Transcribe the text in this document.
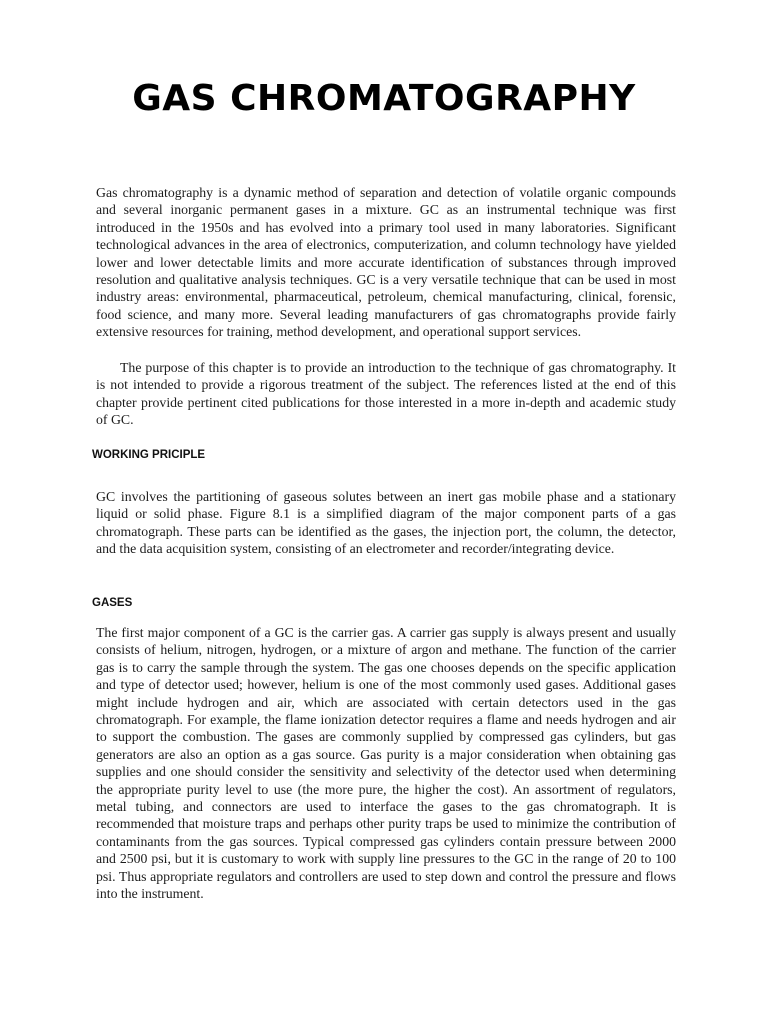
GAS CHROMATOGRAPHY

Gas chromatography is a dynamic method of separation and detection of volatile organic compounds and several inorganic permanent gases in a mixture. GC as an instrumental technique was first introduced in the 1950s and has evolved into a primary tool used in many laboratories. Significant technological advances in the area of electronics, computerization, and column technology have yielded lower and lower detectable limits and more accurate identification of substances through improved resolution and qualitative analysis techniques. GC is a very versatile technique that can be used in most industry areas: environmental, pharmaceutical, petroleum, chemical manufacturing, clinical, forensic, food science, and many more. Several leading manufacturers of gas chromatographs provide fairly extensive resources for training, method development, and operational support services.

The purpose of this chapter is to provide an introduction to the technique of gas chromatography. It is not intended to provide a rigorous treatment of the subject. The references listed at the end of this chapter provide pertinent cited publications for those interested in a more in-depth and academic study of GC.

WORKING PRICIPLE

GC involves the partitioning of gaseous solutes between an inert gas mobile phase and a stationary liquid or solid phase. Figure 8.1 is a simplified diagram of the major component parts of a gas chromatograph. These parts can be identified as the gases, the injection port, the column, the detector, and the data acquisition system, consisting of an electrometer and recorder/integrating device.

GASES

The first major component of a GC is the carrier gas. A carrier gas supply is always present and usually consists of helium, nitrogen, hydrogen, or a mixture of argon and methane. The function of the carrier gas is to carry the sample through the system. The gas one chooses depends on the specific application and type of detector used; however, helium is one of the most commonly used gases. Additional gases might include hydrogen and air, which are associated with certain detectors used in the gas chromatograph. For example, the flame ionization detector requires a flame and needs hydrogen and air to support the combustion. The gases are commonly supplied by compressed gas cylinders, but gas generators are also an option as a gas source. Gas purity is a major consideration when obtaining gas supplies and one should consider the sensitivity and selectivity of the detector used when determining the appropriate purity level to use (the more pure, the higher the cost). An assortment of regulators, metal tubing, and connectors are used to interface the gases to the gas chromatograph. It is recommended that moisture traps and perhaps other purity traps be used to minimize the contribution of contaminants from the gas sources. Typical compressed gas cylinders contain pressure between 2000 and 2500 psi, but it is customary to work with supply line pressures to the GC in the range of 20 to 100 psi. Thus appropriate regulators and controllers are used to step down and control the pressure and flows into the instrument.
